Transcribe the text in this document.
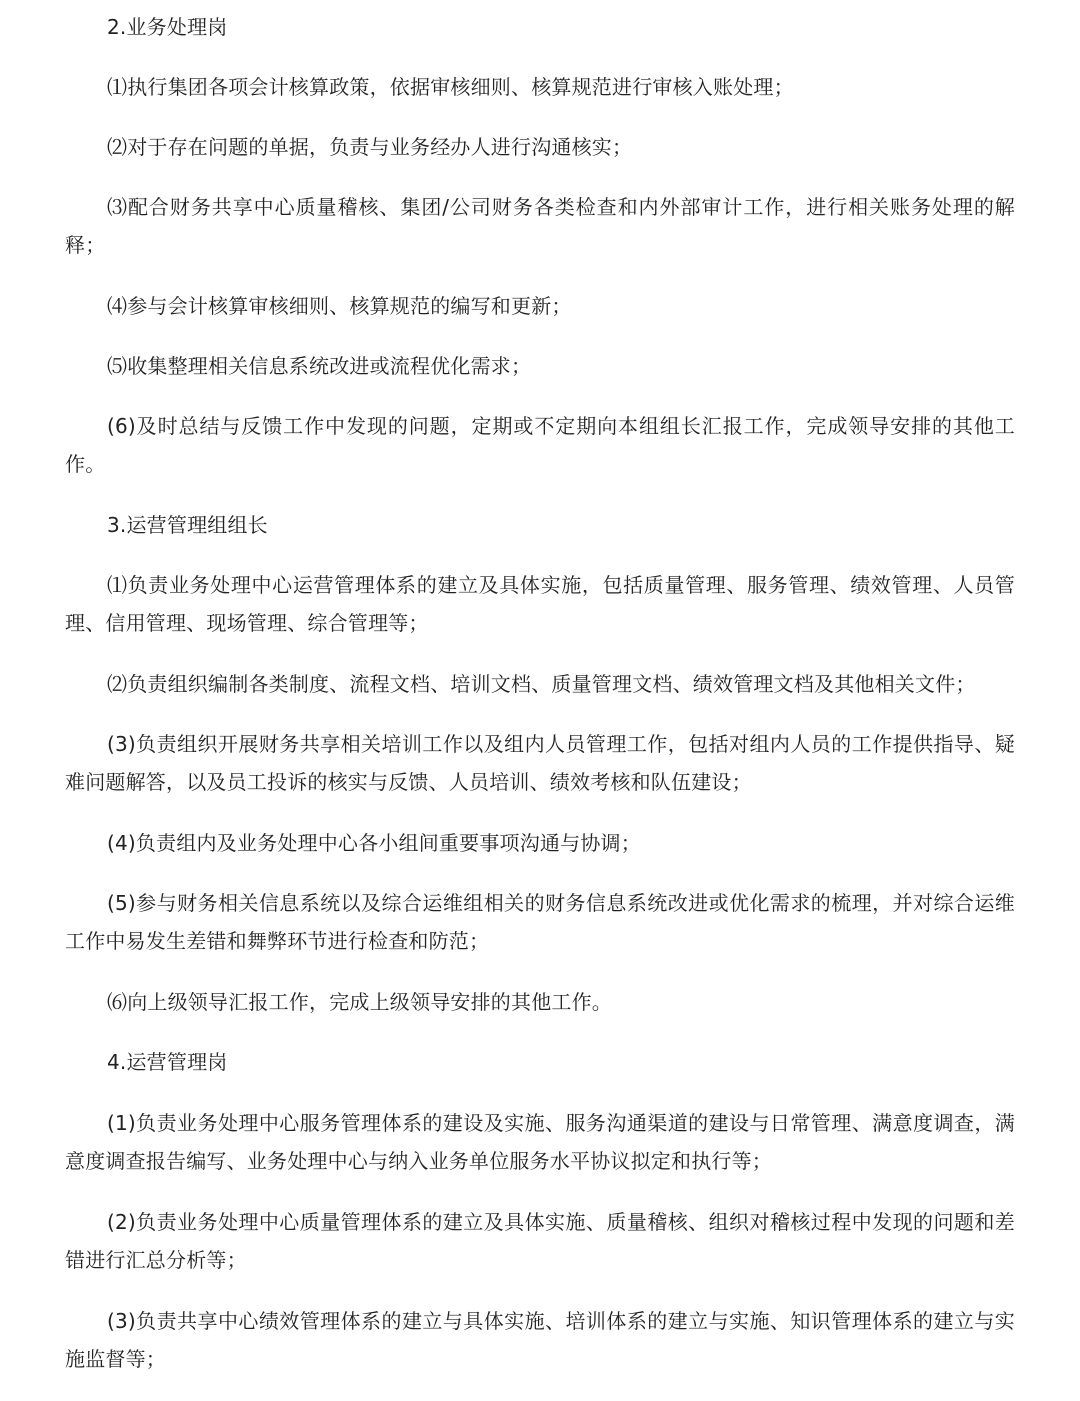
2.业务处理岗

⑴执行集团各项会计核算政策，依据审核细则、核算规范进行审核入账处理；

⑵对于存在问题的单据，负责与业务经办人进行沟通核实；

⑶配合财务共享中心质量稽核、集团/公司财务各类检查和内外部审计工作，进行相关账务处理的解释；

⑷参与会计核算审核细则、核算规范的编写和更新；

⑸收集整理相关信息系统改进或流程优化需求；

(6)及时总结与反馈工作中发现的问题，定期或不定期向本组组长汇报工作，完成领导安排的其他工作。

3.运营管理组组长

⑴负责业务处理中心运营管理体系的建立及具体实施，包括质量管理、服务管理、绩效管理、人员管理、信用管理、现场管理、综合管理等；

⑵负责组织编制各类制度、流程文档、培训文档、质量管理文档、绩效管理文档及其他相关文件；

(3)负责组织开展财务共享相关培训工作以及组内人员管理工作，包括对组内人员的工作提供指导、疑难问题解答，以及员工投诉的核实与反馈、人员培训、绩效考核和队伍建设；

(4)负责组内及业务处理中心各小组间重要事项沟通与协调；

(5)参与财务相关信息系统以及综合运维组相关的财务信息系统改进或优化需求的梳理，并对综合运维工作中易发生差错和舞弊环节进行检查和防范；

⑹向上级领导汇报工作，完成上级领导安排的其他工作。

4.运营管理岗

(1)负责业务处理中心服务管理体系的建设及实施、服务沟通渠道的建设与日常管理、满意度调查，满意度调查报告编写、业务处理中心与纳入业务单位服务水平协议拟定和执行等；

(2)负责业务处理中心质量管理体系的建立及具体实施、质量稽核、组织对稽核过程中发现的问题和差错进行汇总分析等；

(3)负责共享中心绩效管理体系的建立与具体实施、培训体系的建立与实施、知识管理体系的建立与实施监督等；
